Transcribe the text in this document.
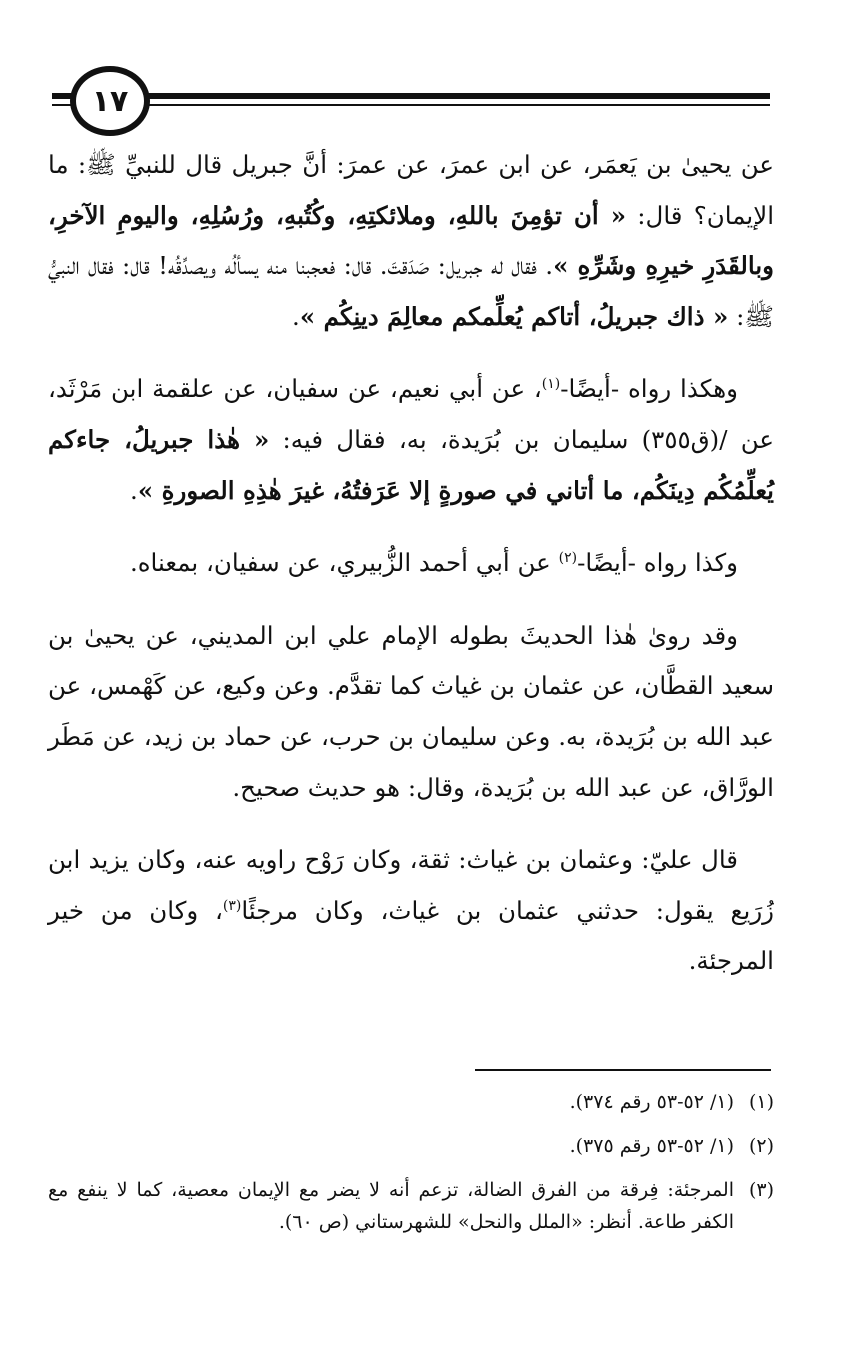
١٧

عن يحيىٰ بن يَعمَر، عن ابن عمرَ، عن عمرَ: أنَّ جبريل قال للنبيِّ ﷺ: ما الإيمان؟ قال: « أن تؤمِنَ باللهِ، وملائكتِهِ، وكُتُبهِ، ورُسُلِهِ، واليومِ الآخرِ، وبالقَدَرِ خيرِهِ وشَرِّهِ ». فقال له جبريل: صَدَقتَ. قال: فعجبنا منه يسألُه ويصدِّقُه! قال: فقال النبيُّ ﷺ: « ذاك جبريلُ، أتاكم يُعلِّمكم معالِمَ دينِكُم ».

وهكذا رواه -أيضًا-$^{(١)}$، عن أبي نعيم، عن سفيان، عن علقمة ابن مَرْثَد، عن /(ق٣٥٥) سليمان بن بُرَيدة، به، فقال فيه: « هٰذا جبريلُ، جاءكم يُعلِّمُكُم دِينَكُم، ما أتاني في صورةٍ إلا عَرَفتُهُ، غيرَ هٰذِهِ الصورةِ ».

وكذا رواه -أيضًا-$^{(٢)}$ عن أبي أحمد الزُّبيري، عن سفيان، بمعناه.

وقد روىٰ هٰذا الحديثَ بطوله الإمام علي ابن المديني، عن يحيىٰ بن سعيد القطَّان، عن عثمان بن غياث كما تقدَّم. وعن وكيع، عن كَهْمس، عن عبد الله بن بُرَيدة، به. وعن سليمان بن حرب، عن حماد بن زيد، عن مَطَر الورَّاق، عن عبد الله بن بُرَيدة، وقال: هو حديث صحيح.

قال عليّ: وعثمان بن غياث: ثقة، وكان رَوْح راويه عنه، وكان يزيد ابن زُرَيع يقول: حدثني عثمان بن غياث، وكان مرجئًا$^{(٣)}$، وكان من خير المرجئة.

(١)
(١/ ٥٢-٥٣ رقم ٣٧٤).
(٢)
(١/ ٥٢-٥٣ رقم ٣٧٥).
(٣)
المرجئة: فِرقة من الفرق الضالة، تزعم أنه لا يضر مع الإيمان معصية، كما لا ينفع مع الكفر طاعة. أنظر: «الملل والنحل» للشهرستاني (ص ٦٠).
